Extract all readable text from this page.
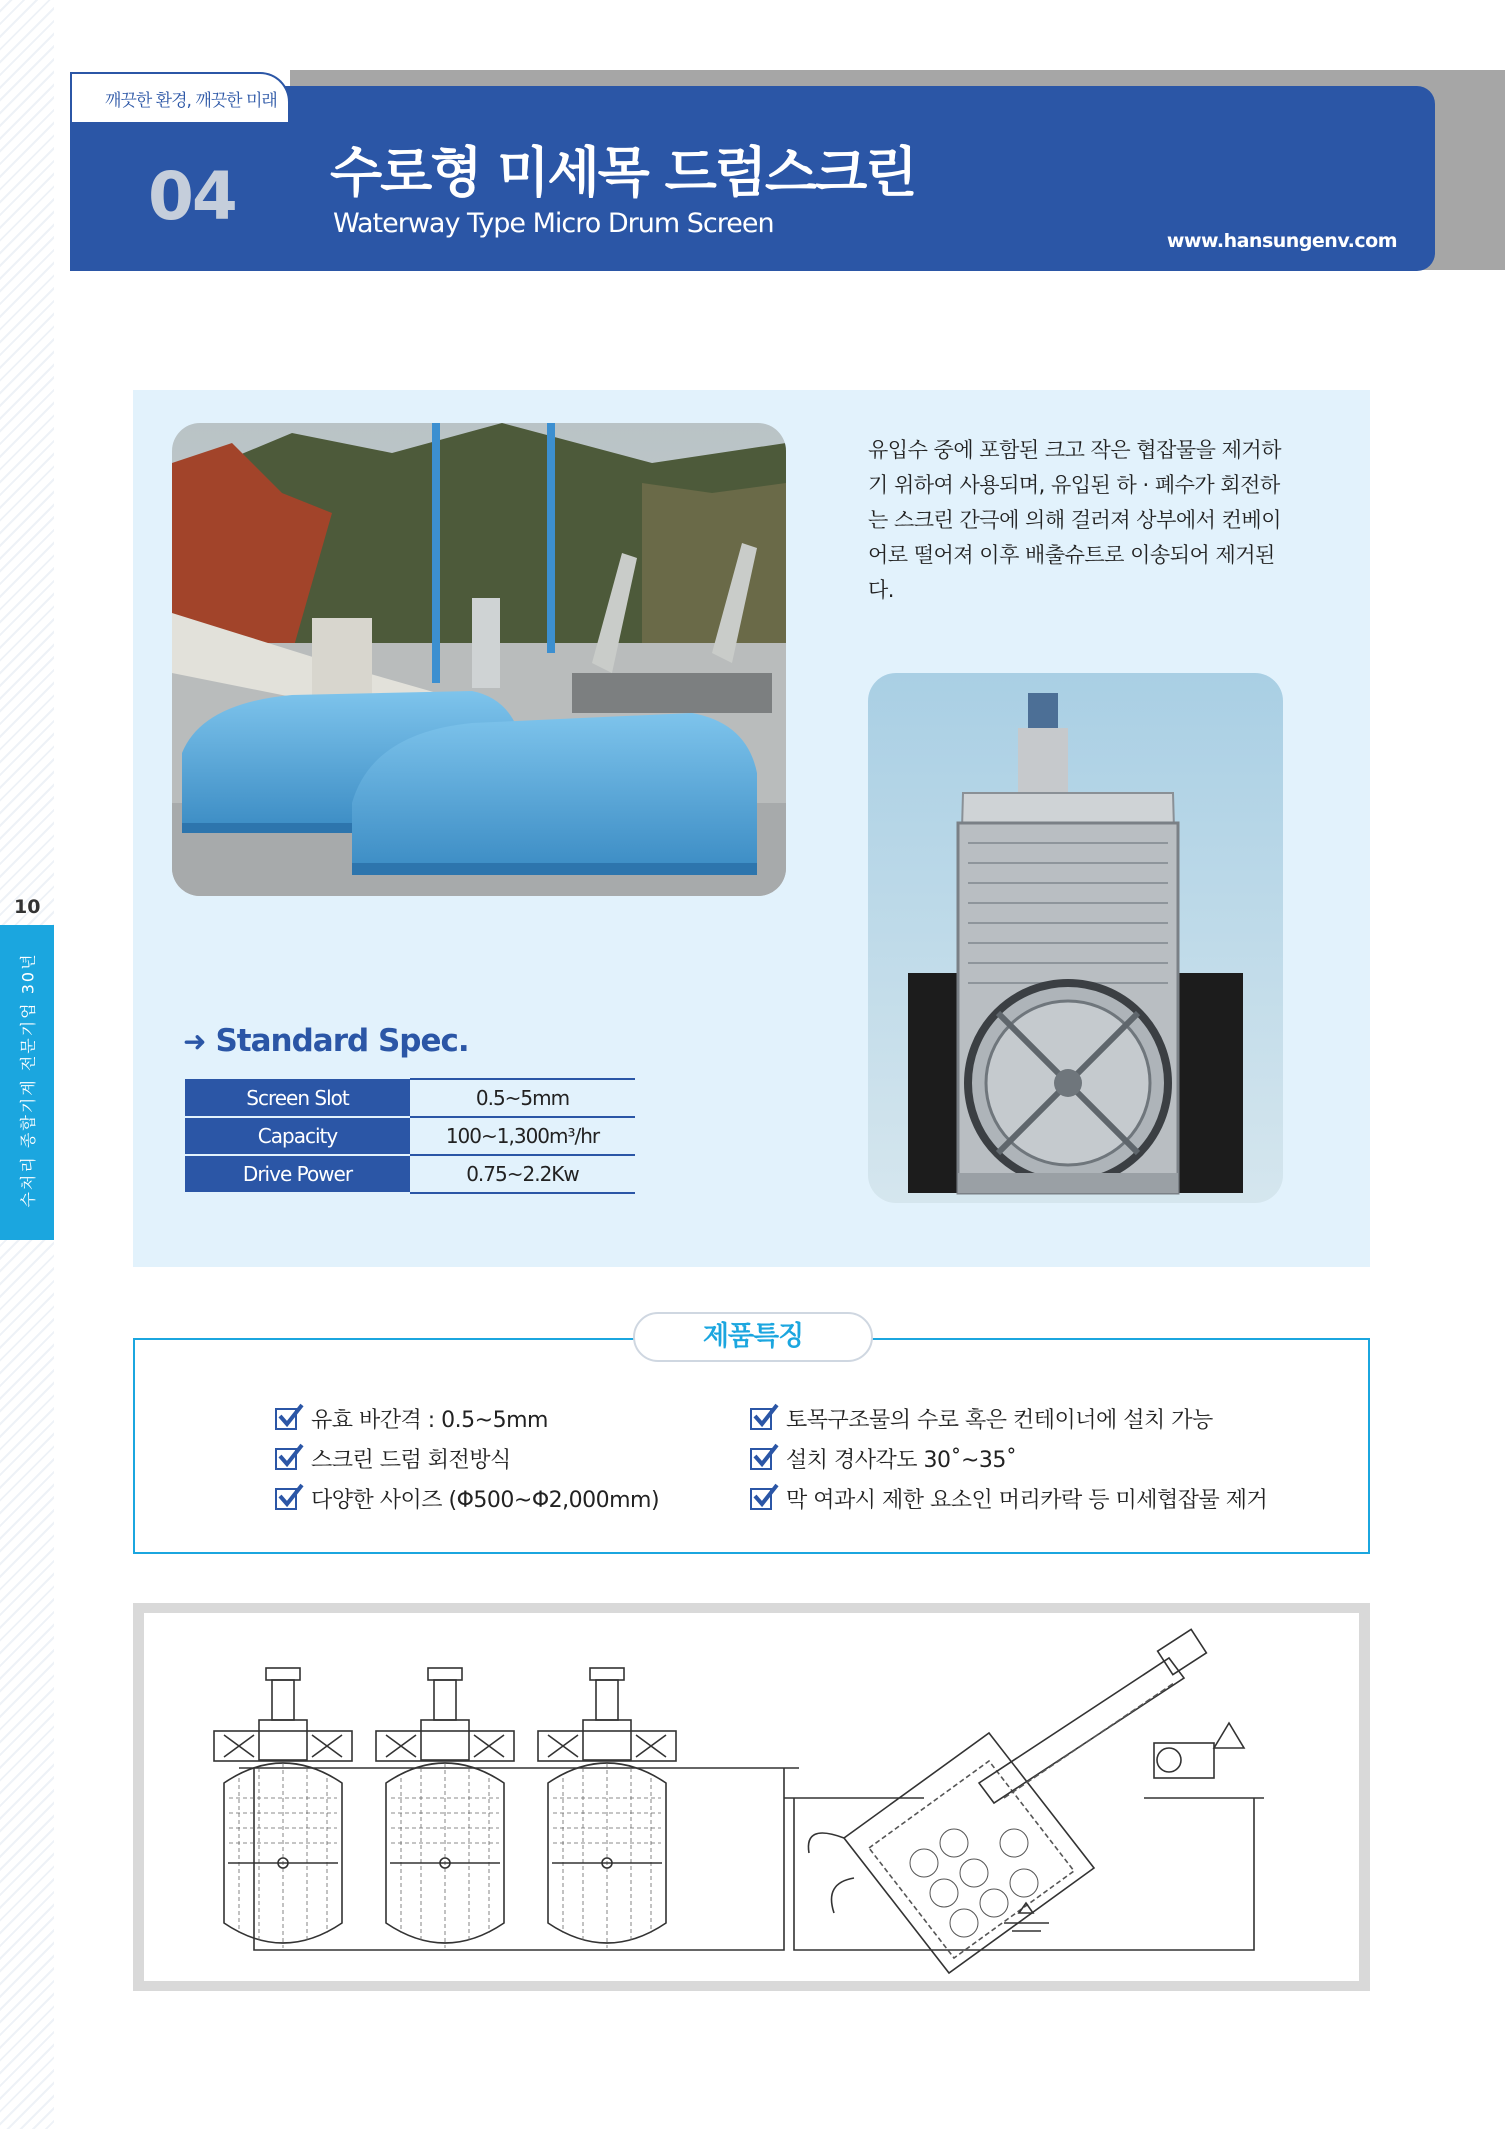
깨끗한 환경, 깨끗한 미래
04 수로형 미세목 드럼스크린
Waterway Type Micro Drum Screen
www.hansungenv.com
10
수처리 종합기계 전문기업 30년
유입수 중에 포함된 크고 작은 협잡물을 제거하기 위하여 사용되며, 유입된 하 · 폐수가 회전하는 스크린 간극에 의해 걸러져 상부에서 컨베이어로 떨어져 이후 배출슈트로 이송되어 제거된다.
➜ Standard Spec.
Screen Slot	0.5~5mm
Capacity	100~1,300m³/hr
Drive Power	0.75~2.2Kw
제품특징
유효 바간격 : 0.5~5mm
스크린 드럼 회전방식
다양한 사이즈 (Φ500~Φ2,000mm)
토목구조물의 수로 혹은 컨테이너에 설치 가능
설치 경사각도 30˚~35˚
막 여과시 제한 요소인 머리카락 등 미세협잡물 제거
